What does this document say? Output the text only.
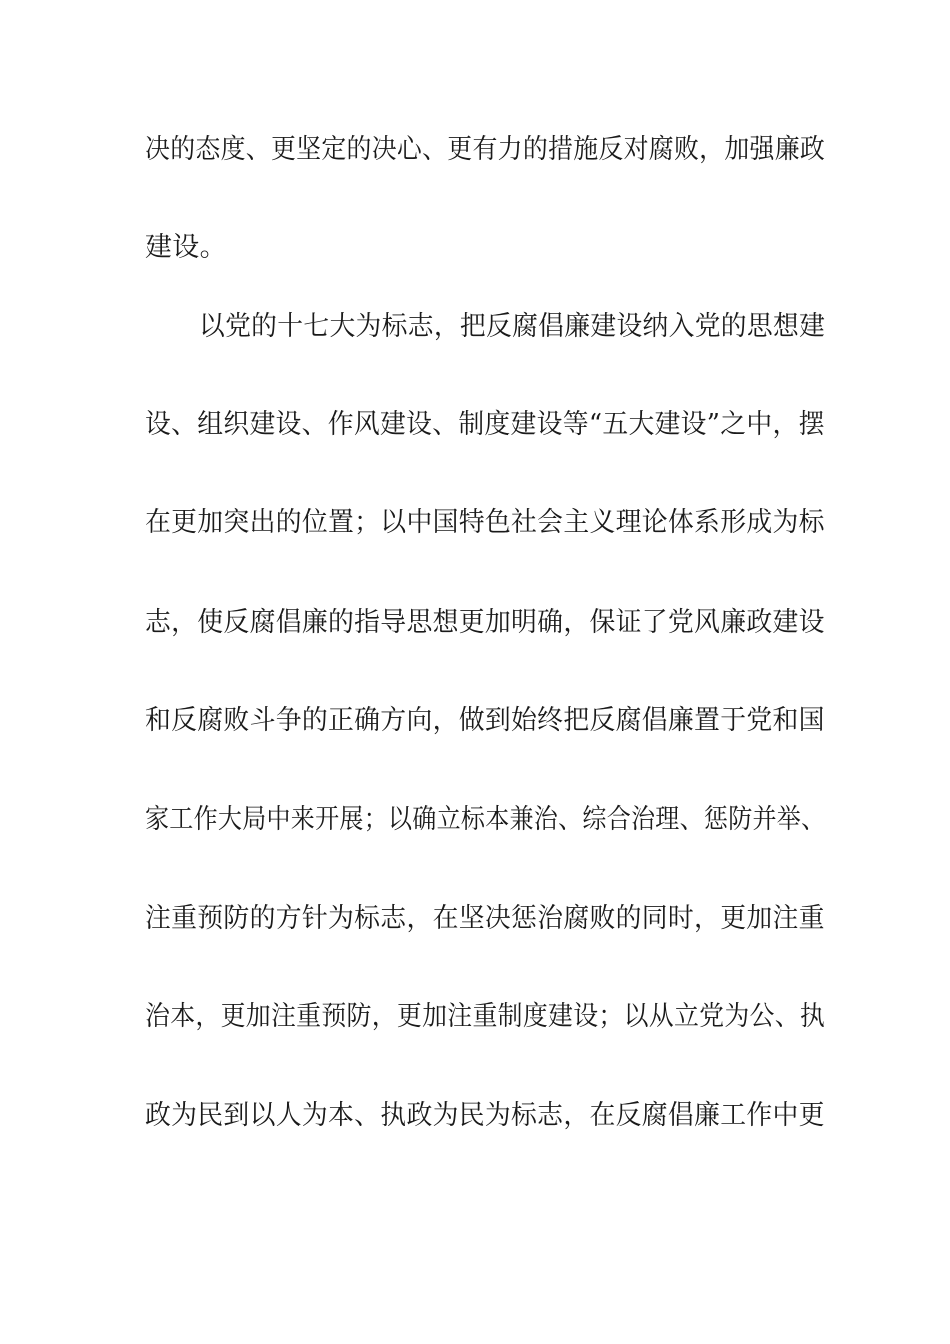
决的态度、更坚定的决心、更有力的措施反对腐败，加强廉政
建设。
以党的十七大为标志，把反腐倡廉建设纳入党的思想建
设、组织建设、作风建设、制度建设等“五大建设”之中，摆
在更加突出的位置；以中国特色社会主义理论体系形成为标
志，使反腐倡廉的指导思想更加明确，保证了党风廉政建设
和反腐败斗争的正确方向，做到始终把反腐倡廉置于党和国
家工作大局中来开展；以确立标本兼治、综合治理、惩防并举、
注重预防的方针为标志，在坚决惩治腐败的同时，更加注重
治本，更加注重预防，更加注重制度建设；以从立党为公、执
政为民到以人为本、执政为民为标志，在反腐倡廉工作中更
